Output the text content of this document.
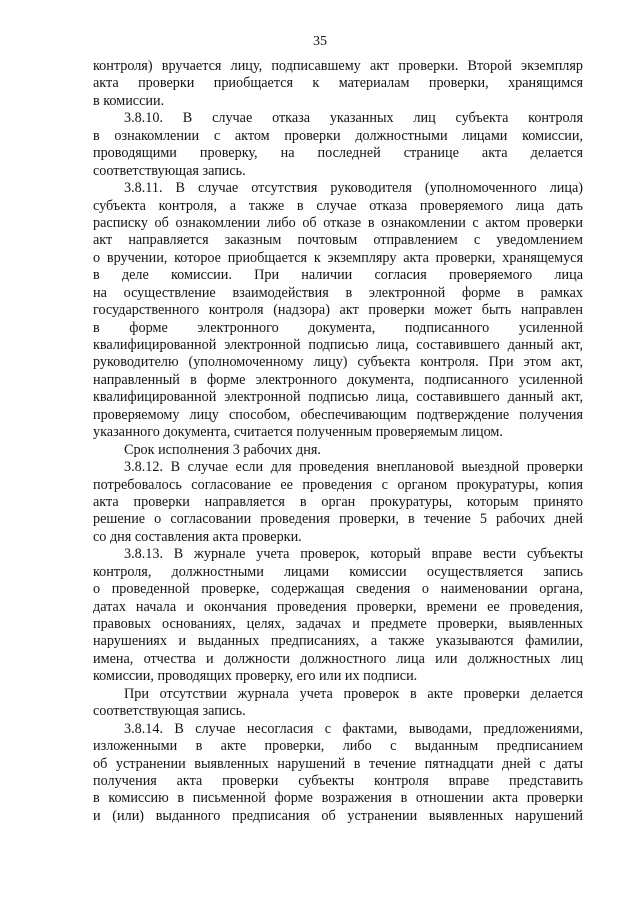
35
контроля) вручается лицу, подписавшему акт проверки. Второй экземпляр
акта проверки приобщается к материалам проверки, хранящимся
в комиссии.
3.8.10. В случае отказа указанных лиц субъекта контроля
в ознакомлении с актом проверки должностными лицами комиссии,
проводящими проверку, на последней странице акта делается
соответствующая запись.
3.8.11. В случае отсутствия руководителя (уполномоченного лица)
субъекта контроля, а также в случае отказа проверяемого лица дать
расписку об ознакомлении либо об отказе в ознакомлении с актом проверки
акт направляется заказным почтовым отправлением с уведомлением
о вручении, которое приобщается к экземпляру акта проверки, хранящемуся
в деле комиссии. При наличии согласия проверяемого лица
на осуществление взаимодействия в электронной форме в рамках
государственного контроля (надзора) акт проверки может быть направлен
в форме электронного документа, подписанного усиленной
квалифицированной электронной подписью лица, составившего данный акт,
руководителю (уполномоченному лицу) субъекта контроля. При этом акт,
направленный в форме электронного документа, подписанного усиленной
квалифицированной электронной подписью лица, составившего данный акт,
проверяемому лицу способом, обеспечивающим подтверждение получения
указанного документа, считается полученным проверяемым лицом.
Срок исполнения 3 рабочих дня.
3.8.12. В случае если для проведения внеплановой выездной проверки
потребовалось согласование ее проведения с органом прокуратуры, копия
акта проверки направляется в орган прокуратуры, которым принято
решение о согласовании проведения проверки, в течение 5 рабочих дней
со дня составления акта проверки.
3.8.13. В журнале учета проверок, который вправе вести субъекты
контроля, должностными лицами комиссии осуществляется запись
о проведенной проверке, содержащая сведения о наименовании органа,
датах начала и окончания проведения проверки, времени ее проведения,
правовых основаниях, целях, задачах и предмете проверки, выявленных
нарушениях и выданных предписаниях, а также указываются фамилии,
имена, отчества и должности должностного лица или должностных лиц
комиссии, проводящих проверку, его или их подписи.
При отсутствии журнала учета проверок в акте проверки делается
соответствующая запись.
3.8.14. В случае несогласия с фактами, выводами, предложениями,
изложенными в акте проверки, либо с выданным предписанием
об устранении выявленных нарушений в течение пятнадцати дней с даты
получения акта проверки субъекты контроля вправе представить
в комиссию в письменной форме возражения в отношении акта проверки
и (или) выданного предписания об устранении выявленных нарушений
